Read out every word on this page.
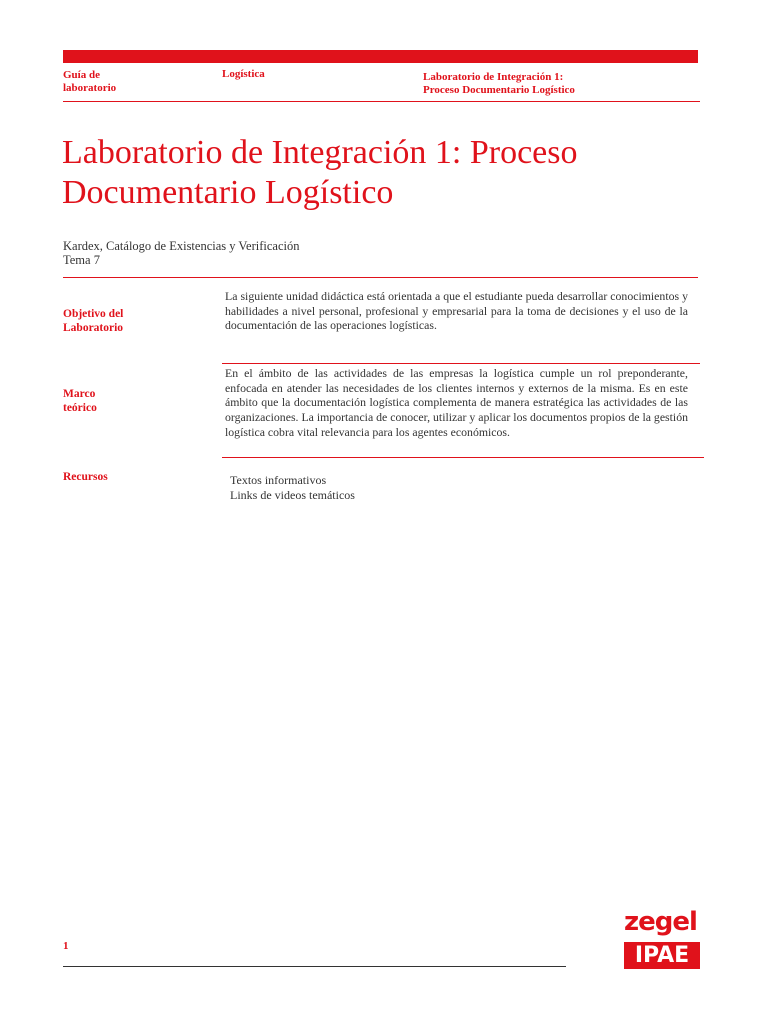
Guía de
laboratorio
Logística	Laboratorio de Integración 1:
Proceso Documentario Logístico
Laboratorio de Integración 1: Proceso
Documentario Logístico
Kardex, Catálogo de Existencias y Verificación
Tema 7
Objetivo del
Laboratorio
La siguiente unidad didáctica está orientada a que el estudiante pueda desarrollar conocimientos y habilidades a nivel personal, profesional y empresarial para la toma de decisiones y el uso de la documentación de las operaciones logísticas.
Marco
teórico
En el ámbito de las actividades de las empresas la logística cumple un rol preponderante, enfocada en atender las necesidades de los clientes internos y externos de la misma. Es en este ámbito que la documentación logística complementa de manera estratégica las actividades de las organizaciones. La importancia de conocer, utilizar y aplicar los documentos propios de la gestión logística cobra vital relevancia para los agentes económicos.
Recursos	Textos informativos
Links de videos temáticos
1
zegel
IPAE
